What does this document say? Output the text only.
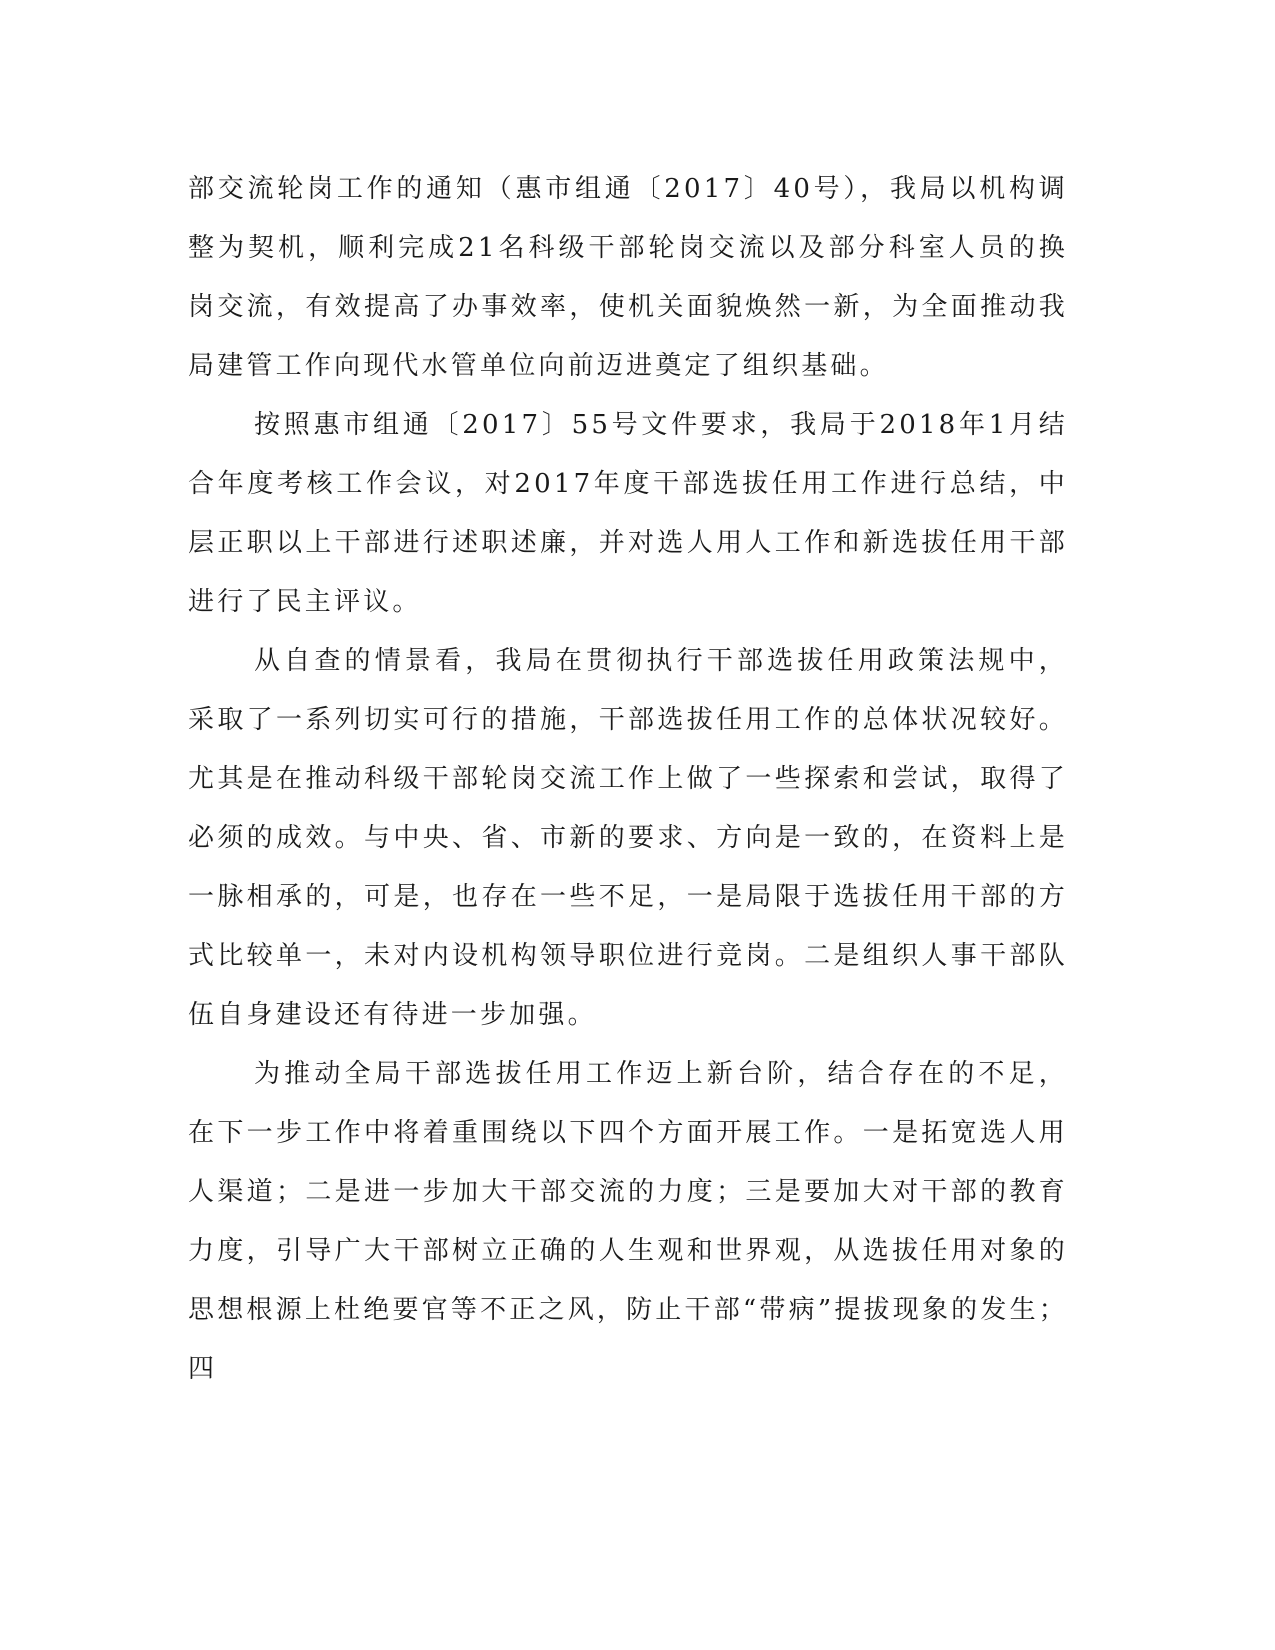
部交流轮岗工作的通知（惠市组通〔2017〕40号），我局以机构调整为契机，顺利完成21名科级干部轮岗交流以及部分科室人员的换岗交流，有效提高了办事效率，使机关面貌焕然一新，为全面推动我局建管工作向现代水管单位向前迈进奠定了组织基础。

按照惠市组通〔2017〕55号文件要求，我局于2018年1月结合年度考核工作会议，对2017年度干部选拔任用工作进行总结，中层正职以上干部进行述职述廉，并对选人用人工作和新选拔任用干部进行了民主评议。

从自查的情景看，我局在贯彻执行干部选拔任用政策法规中，采取了一系列切实可行的措施，干部选拔任用工作的总体状况较好。尤其是在推动科级干部轮岗交流工作上做了一些探索和尝试，取得了必须的成效。与中央、省、市新的要求、方向是一致的，在资料上是一脉相承的，可是，也存在一些不足，一是局限于选拔任用干部的方式比较单一，未对内设机构领导职位进行竞岗。二是组织人事干部队伍自身建设还有待进一步加强。

为推动全局干部选拔任用工作迈上新台阶，结合存在的不足，在下一步工作中将着重围绕以下四个方面开展工作。一是拓宽选人用人渠道；二是进一步加大干部交流的力度；三是要加大对干部的教育力度，引导广大干部树立正确的人生观和世界观，从选拔任用对象的思想根源上杜绝要官等不正之风，防止干部“带病”提拔现象的发生；四
